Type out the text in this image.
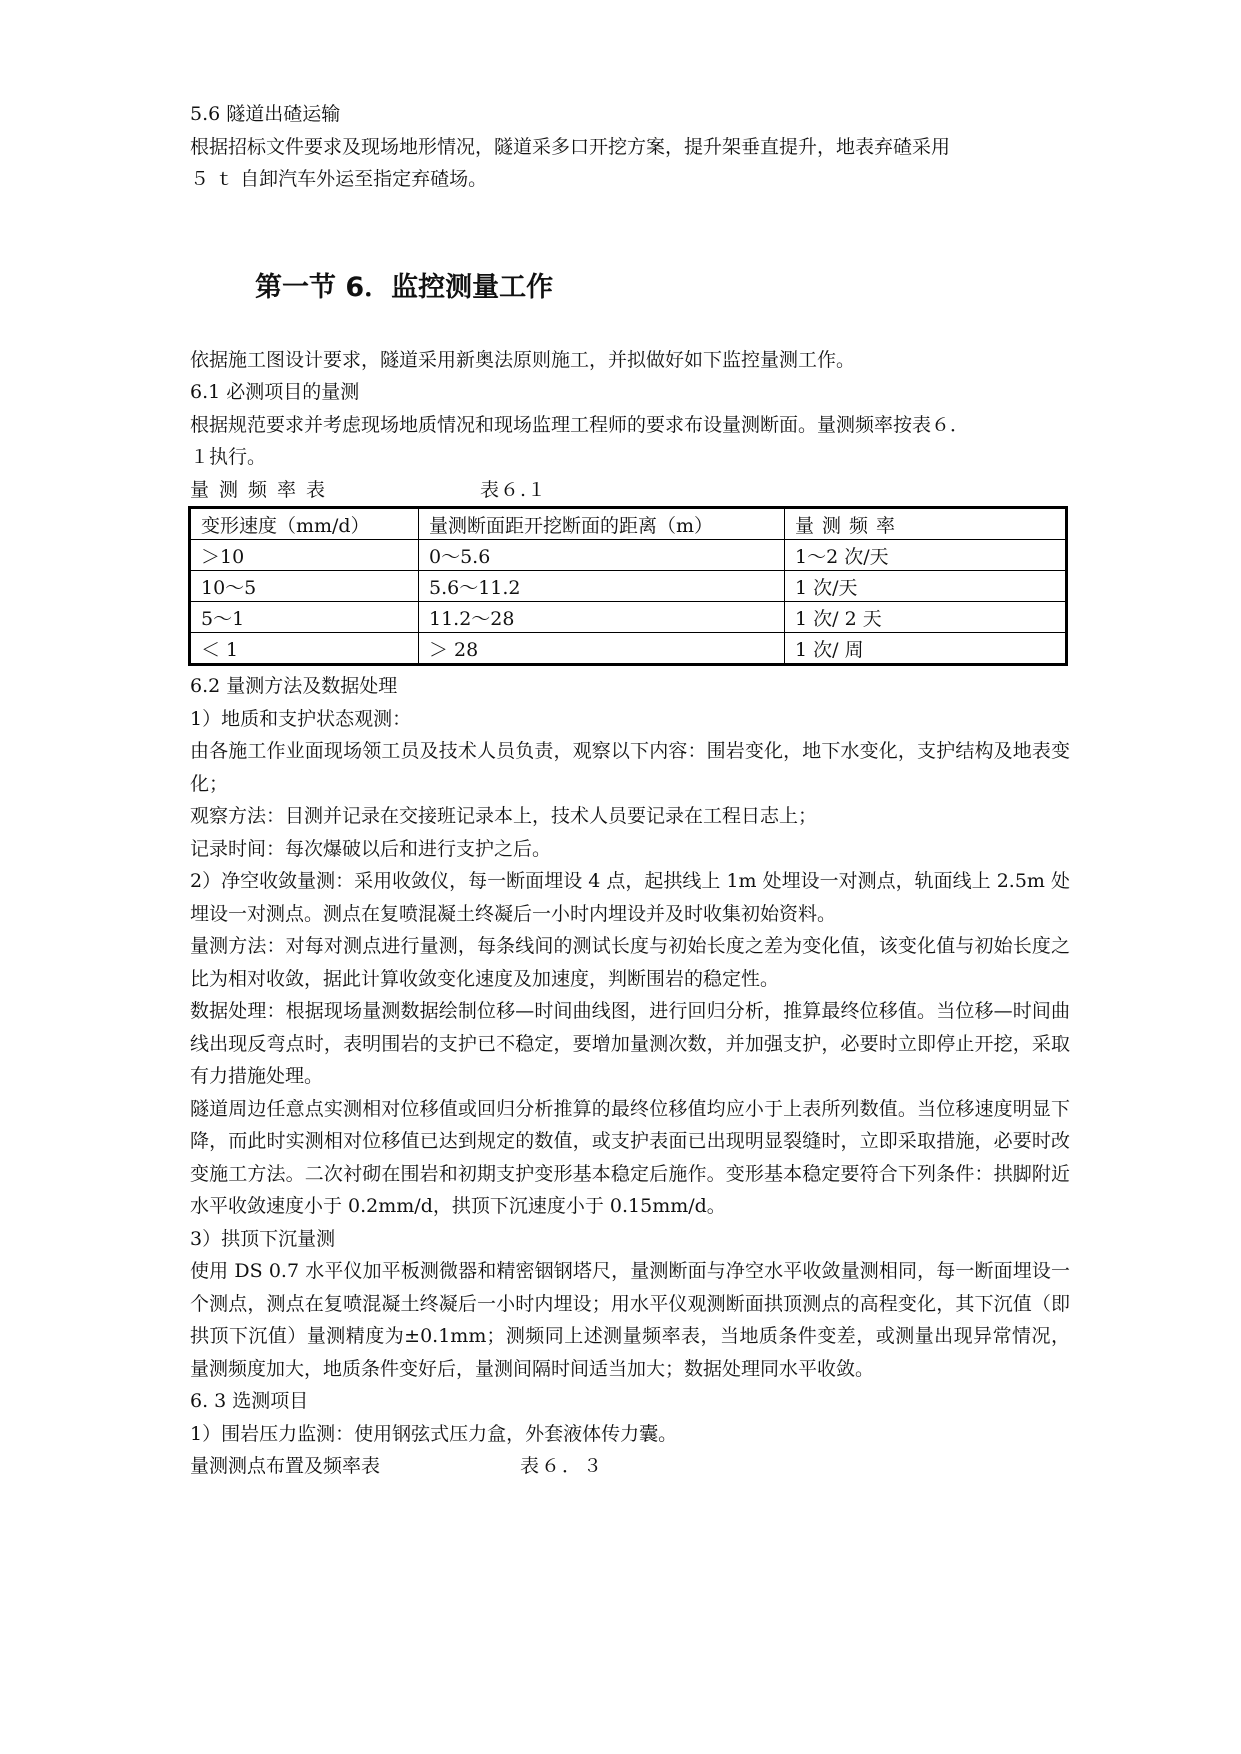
5.6 隧道出碴运输

根据招标文件要求及现场地形情况，隧道采多口开挖方案，提升架垂直提升，地表弃碴采用

５ ｔ 自卸汽车外运至指定弃碴场。

第一节 6．监控测量工作

依据施工图设计要求，隧道采用新奥法原则施工，并拟做好如下监控量测工作。

6.1 必测项目的量测

根据规范要求并考虑现场地质情况和现场监理工程师的要求布设量测断面。量测频率按表６．

１执行。

量测频率表	表６.１
变形速度（mm/d）	量测断面距开挖断面的距离（m）	量测频率
＞10	0～5.6	1～2 次/天
10～5	5.6～11.2	1 次/天
5～1	11.2～28	1 次/ 2 天
＜ 1	＞ 28	1 次/ 周

6.2 量测方法及数据处理

1）地质和支护状态观测：

由各施工作业面现场领工员及技术人员负责，观察以下内容：围岩变化，地下水变化，支护结构及地表变化；

观察方法：目测并记录在交接班记录本上，技术人员要记录在工程日志上；

记录时间：每次爆破以后和进行支护之后。

2）净空收敛量测：采用收敛仪，每一断面埋设 4 点，起拱线上 1m 处埋设一对测点，轨面线上 2.5m 处埋设一对测点。测点在复喷混凝土终凝后一小时内埋设并及时收集初始资料。

量测方法：对每对测点进行量测，每条线间的测试长度与初始长度之差为变化值，该变化值与初始长度之比为相对收敛，据此计算收敛变化速度及加速度，判断围岩的稳定性。

数据处理：根据现场量测数据绘制位移—时间曲线图，进行回归分析，推算最终位移值。当位移—时间曲线出现反弯点时，表明围岩的支护已不稳定，要增加量测次数，并加强支护，必要时立即停止开挖，采取有力措施处理。

隧道周边任意点实测相对位移值或回归分析推算的最终位移值均应小于上表所列数值。当位移速度明显下降，而此时实测相对位移值已达到规定的数值，或支护表面已出现明显裂缝时，立即采取措施，必要时改变施工方法。二次衬砌在围岩和初期支护变形基本稳定后施作。变形基本稳定要符合下列条件：拱脚附近水平收敛速度小于 0.2mm/d，拱顶下沉速度小于 0.15mm/d。

3）拱顶下沉量测

使用 DS 0.7 水平仪加平板测微器和精密铟钢塔尺，量测断面与净空水平收敛量测相同，每一断面埋设一个测点，测点在复喷混凝土终凝后一小时内埋设；用水平仪观测断面拱顶测点的高程变化，其下沉值（即拱顶下沉值）量测精度为±0.1mm；测频同上述测量频率表，当地质条件变差，或测量出现异常情况，量测频度加大，地质条件变好后，量测间隔时间适当加大；数据处理同水平收敛。

6. 3 选测项目

1）围岩压力监测：使用钢弦式压力盒，外套液体传力囊。

量测测点布置及频率表	表６．３
